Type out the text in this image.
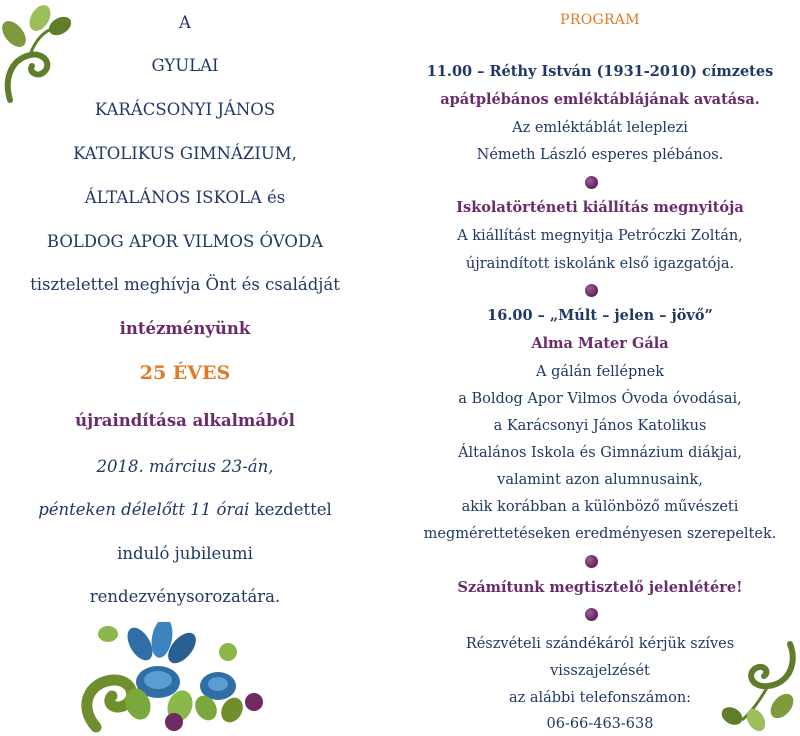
A
GYULAI
KARÁCSONYI JÁNOS
KATOLIKUS GIMNÁZIUM,
ÁLTALÁNOS ISKOLA és
BOLDOG APOR VILMOS ÓVODA
tisztelettel meghívja Önt és családját
intézményünk
25 ÉVES
újraindítása alkalmából
2018. március 23-án,
pénteken délelőtt 11 órai kezdettel
induló jubileumi
rendezvénysorozatára.
PROGRAM
11.00 – Réthy István (1931-2010) címzetes
apátplébános emléktáblájának avatása.
Az emléktáblát leleplezi
Németh László esperes plébános.
Iskolatörténeti kiállítás megnyitója
A kiállítást megnyitja Petróczki Zoltán,
újraindított iskolánk első igazgatója.
16.00 – „Múlt – jelen – jövő”
Alma Mater Gála
A gálán fellépnek
a Boldog Apor Vilmos Óvoda óvodásai,
a Karácsonyi János Katolikus
Általános Iskola és Gimnázium diákjai,
valamint azon alumnusaink,
akik korábban a különböző művészeti
megmérettetéseken eredményesen szerepeltek.
Számítunk megtisztelő jelenlétére!
Részvételi szándékáról kérjük szíves
visszajelzését
az alábbi telefonszámon:
06-66-463-638
